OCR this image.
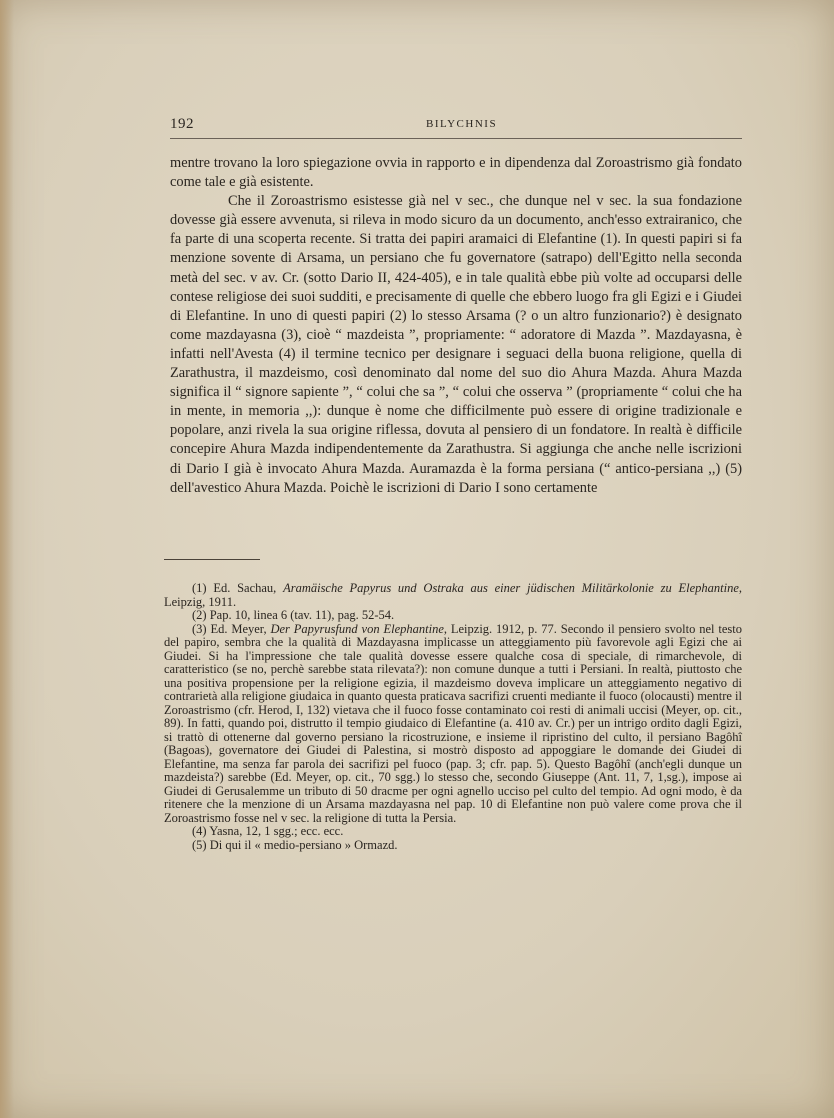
192	BILYCHNIS

mentre trovano la loro spiegazione ovvia in rapporto e in dipendenza dal Zoroastrismo già fondato come tale e già esistente.

Che il Zoroastrismo esistesse già nel v sec., che dunque nel v sec. la sua fondazione dovesse già essere avvenuta, si rileva in modo sicuro da un documento, anch'esso extrairanico, che fa parte di una scoperta recente. Si tratta dei papiri aramaici di Elefantine (1). In questi papiri si fa menzione sovente di Arsama, un persiano che fu governatore (satrapo) dell'Egitto nella seconda metà del sec. v av. Cr. (sotto Dario II, 424-405), e in tale qualità ebbe più volte ad occuparsi delle contese religiose dei suoi sudditi, e precisamente di quelle che ebbero luogo fra gli Egizi e i Giudei di Elefantine. In uno di questi papiri (2) lo stesso Arsama (? o un altro funzionario?) è designato come mazdayasna (3), cioè “ mazdeista ”, propriamente: “ adoratore di Mazda ”. Mazdayasna, è infatti nell'Avesta (4) il termine tecnico per designare i seguaci della buona religione, quella di Zarathustra, il mazdeismo, così denominato dal nome del suo dio Ahura Mazda. Ahura Mazda significa il “ signore sapiente ”, “ colui che sa ”, “ colui che osserva ” (propriamente “ colui che ha in mente, in memoria ,,): dunque è nome che difficilmente può essere di origine tradizionale e popolare, anzi rivela la sua origine riflessa, dovuta al pensiero di un fondatore. In realtà è difficile concepire Ahura Mazda indipendentemente da Zarathustra. Si aggiunga che anche nelle iscrizioni di Dario I già è invocato Ahura Mazda. Auramazda è la forma persiana (“ antico-persiana ,,) (5) dell'avestico Ahura Mazda. Poichè le iscrizioni di Dario I sono certamente

(1) Ed. Sachau, Aramäische Papyrus und Ostraka aus einer jüdischen Militärkolonie zu Elephantine, Leipzig, 1911.

(2) Pap. 10, linea 6 (tav. 11), pag. 52-54.

(3) Ed. Meyer, Der Papyrusfund von Elephantine, Leipzig. 1912, p. 77. Secondo il pensiero svolto nel testo del papiro, sembra che la qualità di Mazdayasna implicasse un atteggiamento più favorevole agli Egizi che ai Giudei. Si ha l'impressione che tale qualità dovesse essere qualche cosa di speciale, di rimarchevole, di caratteristico (se no, perchè sarebbe stata rilevata?): non comune dunque a tutti i Persiani. In realtà, piuttosto che una positiva propensione per la religione egizia, il mazdeismo doveva implicare un atteggiamento negativo di contrarietà alla religione giudaica in quanto questa praticava sacrifizi cruenti mediante il fuoco (olocausti) mentre il Zoroastrismo (cfr. Herod, I, 132) vietava che il fuoco fosse contaminato coi resti di animali uccisi (Meyer, op. cit., 89). In fatti, quando poi, distrutto il tempio giudaico di Elefantine (a. 410 av. Cr.) per un intrigo ordito dagli Egizi, si trattò di ottenerne dal governo persiano la ricostruzione, e insieme il ripristino del culto, il persiano Bagôhî (Bagoas), governatore dei Giudei di Palestina, si mostrò disposto ad appoggiare le domande dei Giudei di Elefantine, ma senza far parola dei sacrifizi pel fuoco (pap. 3; cfr. pap. 5). Questo Bagôhî (anch'egli dunque un mazdeista?) sarebbe (Ed. Meyer, op. cit., 70 sgg.) lo stesso che, secondo Giuseppe (Ant. 11, 7, 1,sg.), impose ai Giudei di Gerusalemme un tributo di 50 dracme per ogni agnello ucciso pel culto del tempio. Ad ogni modo, è da ritenere che la menzione di un Arsama mazdayasna nel pap. 10 di Elefantine non può valere come prova che il Zoroastrismo fosse nel v sec. la religione di tutta la Persia.

(4) Yasna, 12, 1 sgg.; ecc. ecc.

(5) Di qui il « medio-persiano » Ormazd.
